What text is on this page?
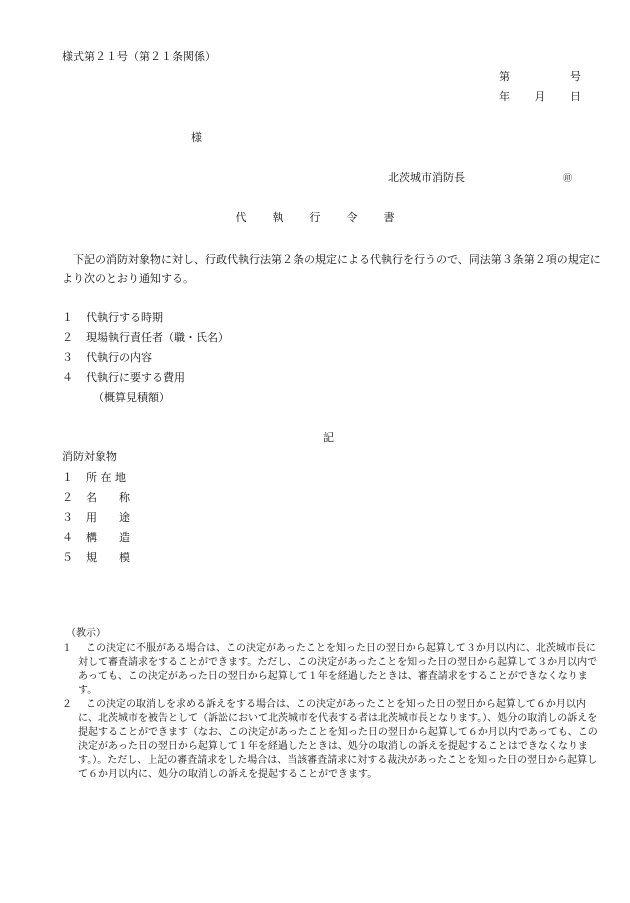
様式第２１号（第２１条関係）
第	号
年 月 日
様
北茨城市消防長	㊞
代 執 行 令 書
下記の消防対象物に対し、行政代執行法第２条の規定による代執行を行うので、同法第３条第２項の規定により次のとおり通知する。
１	代執行する時期
２	現場執行責任者（職・氏名）
３	代執行の内容
４	代執行に要する費用
（概算見積額）
記
消防対象物
１	所 在 地
２	名　　称
３	用　　途
４	構　　造
５	規　　模
（教示）
１	この決定に不服がある場合は、この決定があったことを知った日の翌日から起算して３か月以内に、北茨城市長に対して審査請求をすることができます。ただし、この決定があったことを知った日の翌日から起算して３か月以内であっても、この決定があった日の翌日から起算して１年を経過したときは、審査請求をすることができなくなります。
２	この決定の取消しを求める訴えをする場合は、この決定があったことを知った日の翌日から起算して６か月以内に、北茨城市を被告として（訴訟において北茨城市を代表する者は北茨城市長となります。）、処分の取消しの訴えを提起することができます（なお、この決定があったことを知った日の翌日から起算して６か月以内であっても、この決定があった日の翌日から起算して１年を経過したときは、処分の取消しの訴えを提起することはできなくなります。）。ただし、上記の審査請求をした場合は、当該審査請求に対する裁決があったことを知った日の翌日から起算して６か月以内に、処分の取消しの訴えを提起することができます。
